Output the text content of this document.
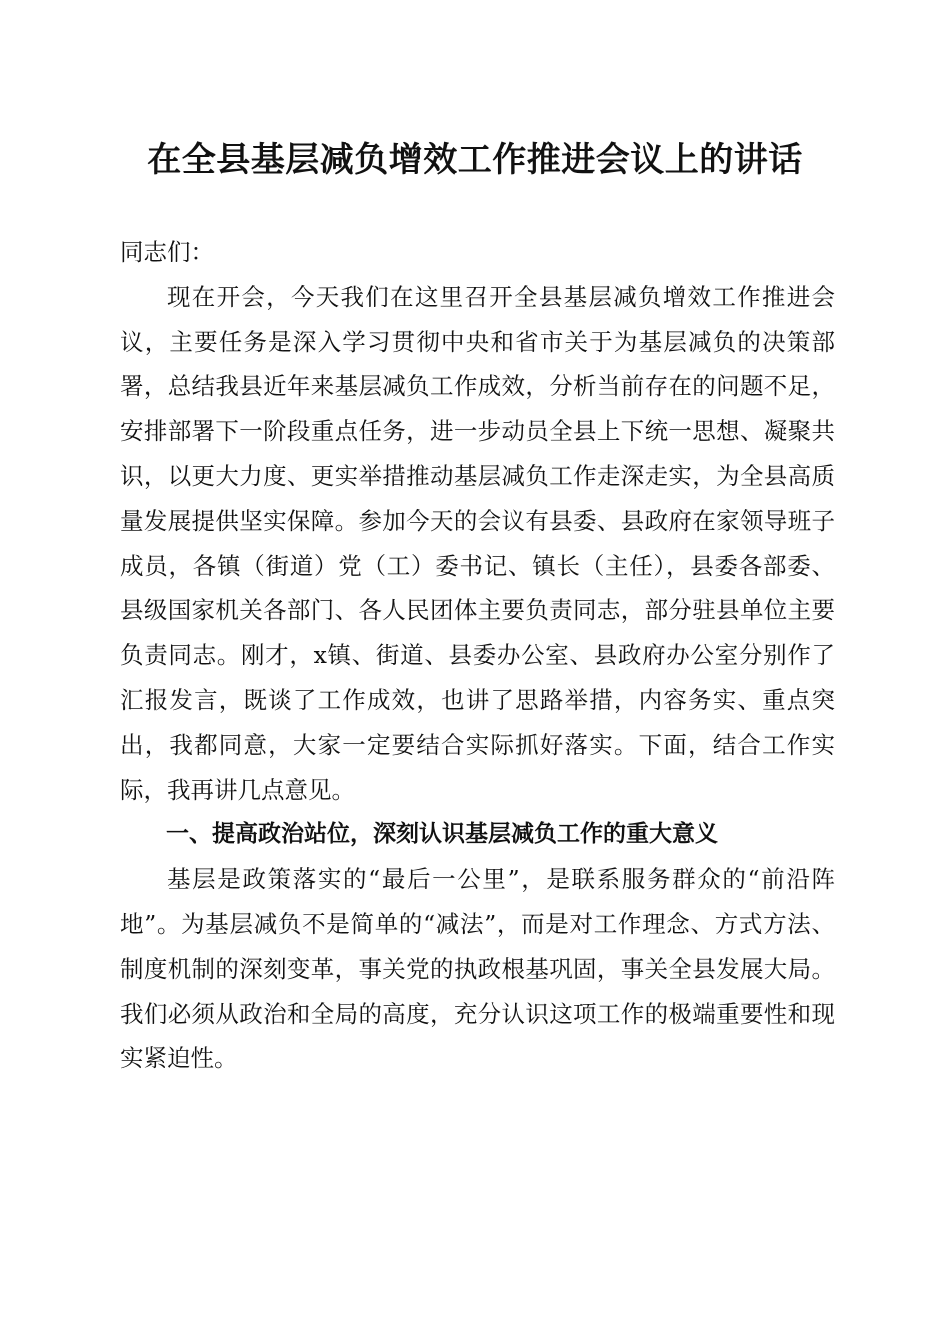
在全县基层减负增效工作推进会议上的讲话

同志们：

现在开会，今天我们在这里召开全县基层减负增效工作推进会议，主要任务是深入学习贯彻中央和省市关于为基层减负的决策部署，总结我县近年来基层减负工作成效，分析当前存在的问题不足，安排部署下一阶段重点任务，进一步动员全县上下统一思想、凝聚共识，以更大力度、更实举措推动基层减负工作走深走实，为全县高质量发展提供坚实保障。参加今天的会议有县委、县政府在家领导班子成员，各镇（街道）党（工）委书记、镇长（主任），县委各部委、县级国家机关各部门、各人民团体主要负责同志，部分驻县单位主要负责同志。刚才，x镇、街道、县委办公室、县政府办公室分别作了汇报发言，既谈了工作成效，也讲了思路举措，内容务实、重点突出，我都同意，大家一定要结合实际抓好落实。下面，结合工作实际，我再讲几点意见。

一、提高政治站位，深刻认识基层减负工作的重大意义

基层是政策落实的“最后一公里”，是联系服务群众的“前沿阵地”。为基层减负不是简单的“减法”，而是对工作理念、方式方法、制度机制的深刻变革，事关党的执政根基巩固，事关全县发展大局。我们必须从政治和全局的高度，充分认识这项工作的极端重要性和现实紧迫性。
